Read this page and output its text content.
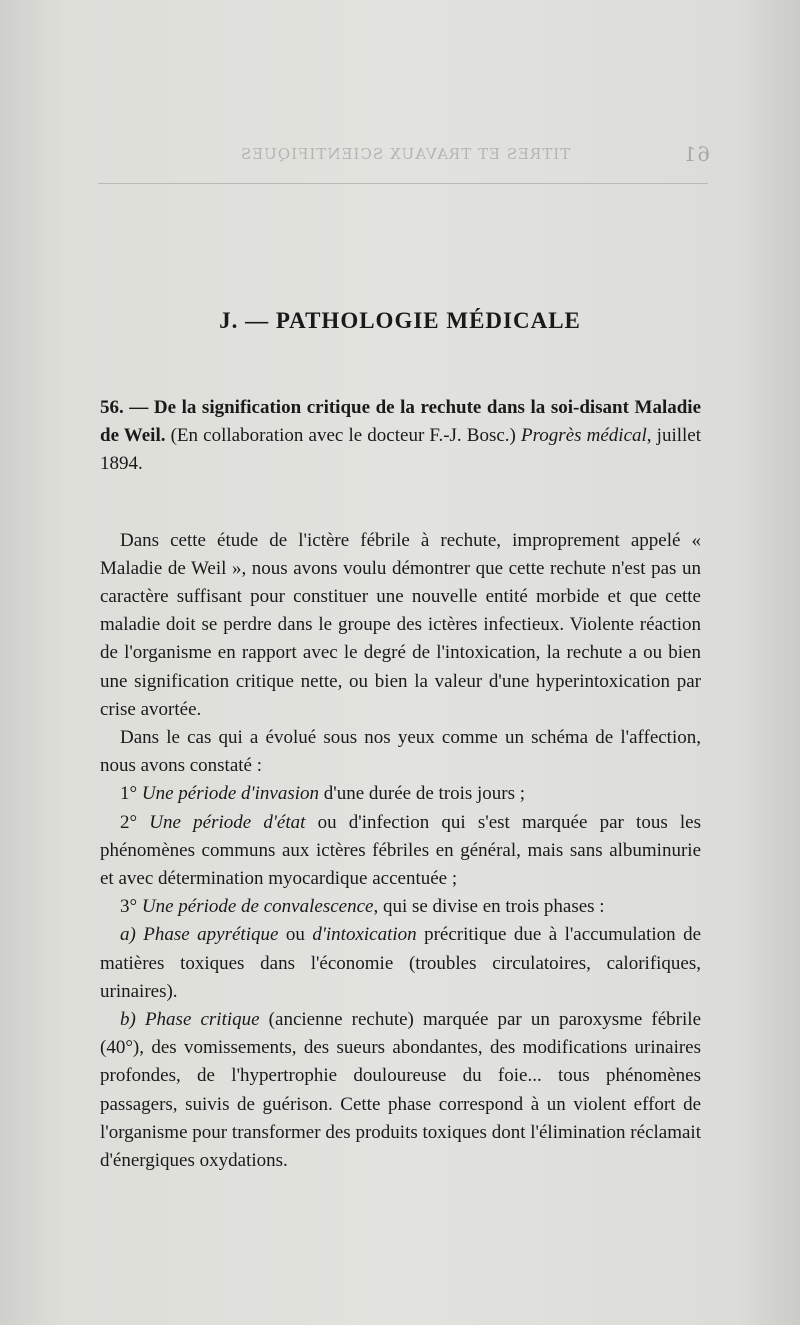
61
TITRES ET TRAVAUX SCIENTIFIQUES
J. — PATHOLOGIE MÉDICALE

56. — De la signification critique de la rechute dans la soi-disant Maladie de Weil. (En collaboration avec le docteur F.-J. Bosc.) Progrès médical, juillet 1894.

Dans cette étude de l'ictère fébrile à rechute, improprement appelé « Maladie de Weil », nous avons voulu démontrer que cette rechute n'est pas un caractère suffisant pour constituer une nouvelle entité morbide et que cette maladie doit se perdre dans le groupe des ictères infectieux. Violente réaction de l'organisme en rapport avec le degré de l'intoxication, la rechute a ou bien une signification critique nette, ou bien la valeur d'une hyperintoxication par crise avortée.

Dans le cas qui a évolué sous nos yeux comme un schéma de l'affection, nous avons constaté :

1° Une période d'invasion d'une durée de trois jours ;

2° Une période d'état ou d'infection qui s'est marquée par tous les phénomènes communs aux ictères fébriles en général, mais sans albuminurie et avec détermination myocardique accentuée ;

3° Une période de convalescence, qui se divise en trois phases :

a) Phase apyrétique ou d'intoxication précritique due à l'accumulation de matières toxiques dans l'économie (troubles circulatoires, calorifiques, urinaires).

b) Phase critique (ancienne rechute) marquée par un paroxysme fébrile (40°), des vomissements, des sueurs abondantes, des modifications urinaires profondes, de l'hypertrophie douloureuse du foie... tous phénomènes passagers, suivis de guérison. Cette phase correspond à un violent effort de l'organisme pour transformer des produits toxiques dont l'élimination réclamait d'énergiques oxydations.
